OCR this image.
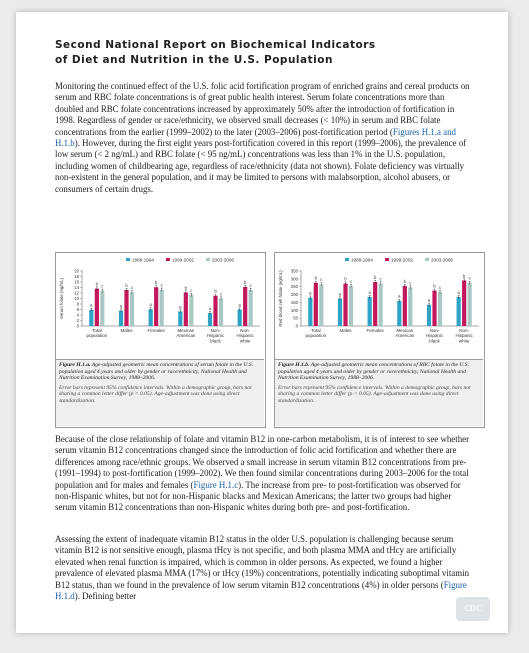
Second National Report on Biochemical Indicators
of Diet and Nutrition in the U.S. Population
Monitoring the continued effect of the U.S. folic acid fortification program of enriched grains and cereal products on serum and RBC folate concentrations is of great public health interest. Serum folate concentrations more than doubled and RBC folate concentrations increased by approximately 50% after the introduction of fortification in 1998. Regardless of gender or race/ethnicity, we observed small decreases (< 10%) in serum and RBC folate concentrations from the earlier (1999–2002) to the later (2003–2006) post-fortification period (Figures H.1.a and H.1.b). However, during the first eight years post-fortification covered in this report (1999–2006), the prevalence of low serum (< 2 ng/mL) and RBC folate (< 95 ng/mL) concentrations was less than 1% in the U.S. population, including women of childbearing age, regardless of race/ethnicity (data not shown). Folate deficiency was virtually non-existent in the general population, and it may be limited to persons with malabsorption, alcohol abusers, or consumers of certain drugs.
1988-1994	1999-2002	2003-2006
0
2
4
6
8
10
12
14
16
18
20
Serum folate (ng/mL)	a
b c
Total population
a
b c
Males
a
b c
Females
a
b c
Mexican American
a
b
c
Non-Hispanic black
a
b
c
Non-Hispanic white
Figure H.1.a. Age-adjusted geometric mean concentrations of serum folate in the U.S. population aged 4 years and older by gender or race/ethnicity, National Health and Nutrition Examination Survey, 1988–2006.
Error bars represent 95% confidence intervals. Within a demographic group, bars not sharing a common letter differ (p < 0.05). Age-adjustment was done using direct standardization.
1988-1994	1999-2002	2003-2006
0
50
100
150
200
250
300
350
Red blood cell folate (ng/mL)	a
b c
Total population
a
b c
Males
a
b c
Females
a
b c
Mexican American
a
b c
Non-Hispanic black
a
b c
Non-Hispanic white
Figure H.1.b. Age-adjusted geometric mean concentrations of RBC folate in the U.S. population aged 4 years and older by gender or race/ethnicity, National Health and Nutrition Examination Survey, 1988–2006.
Error bars represent 95% confidence intervals. Within a demographic group, bars not sharing a common letter differ (p < 0.05). Age-adjustment was done using direct standardization.
Because of the close relationship of folate and vitamin B12 in one-carbon metabolism, it is of interest to see whether serum vitamin B12 concentrations changed since the introduction of folic acid fortification and whether there are differences among race/ethnic groups. We observed a small increase in serum vitamin B12 concentrations from pre- (1991–1994) to post-fortification (1999–2002). We then found similar concentrations during 2003–2006 for the total population and for males and females (Figure H.1.c). The increase from pre- to post-fortification was observed for non-Hispanic whites, but not for non-Hispanic blacks and Mexican Americans; the latter two groups had higher serum vitamin B12 concentrations than non-Hispanic whites during both pre- and post-fortification.
Assessing the extent of inadequate vitamin B12 status in the older U.S. population is challenging because serum vitamin B12 is not sensitive enough, plasma tHcy is not specific, and both plasma MMA and tHcy are artificially elevated when renal function is impaired, which is common in older persons. As expected, we found a higher prevalence of elevated plasma MMA (17%) or tHcy (19%) concentrations, potentially indicating suboptimal vitamin B12 status, than we found in the prevalence of low serum vitamin B12 concentrations (4%) in older persons (Figure H.1.d). Defining better
CDC
